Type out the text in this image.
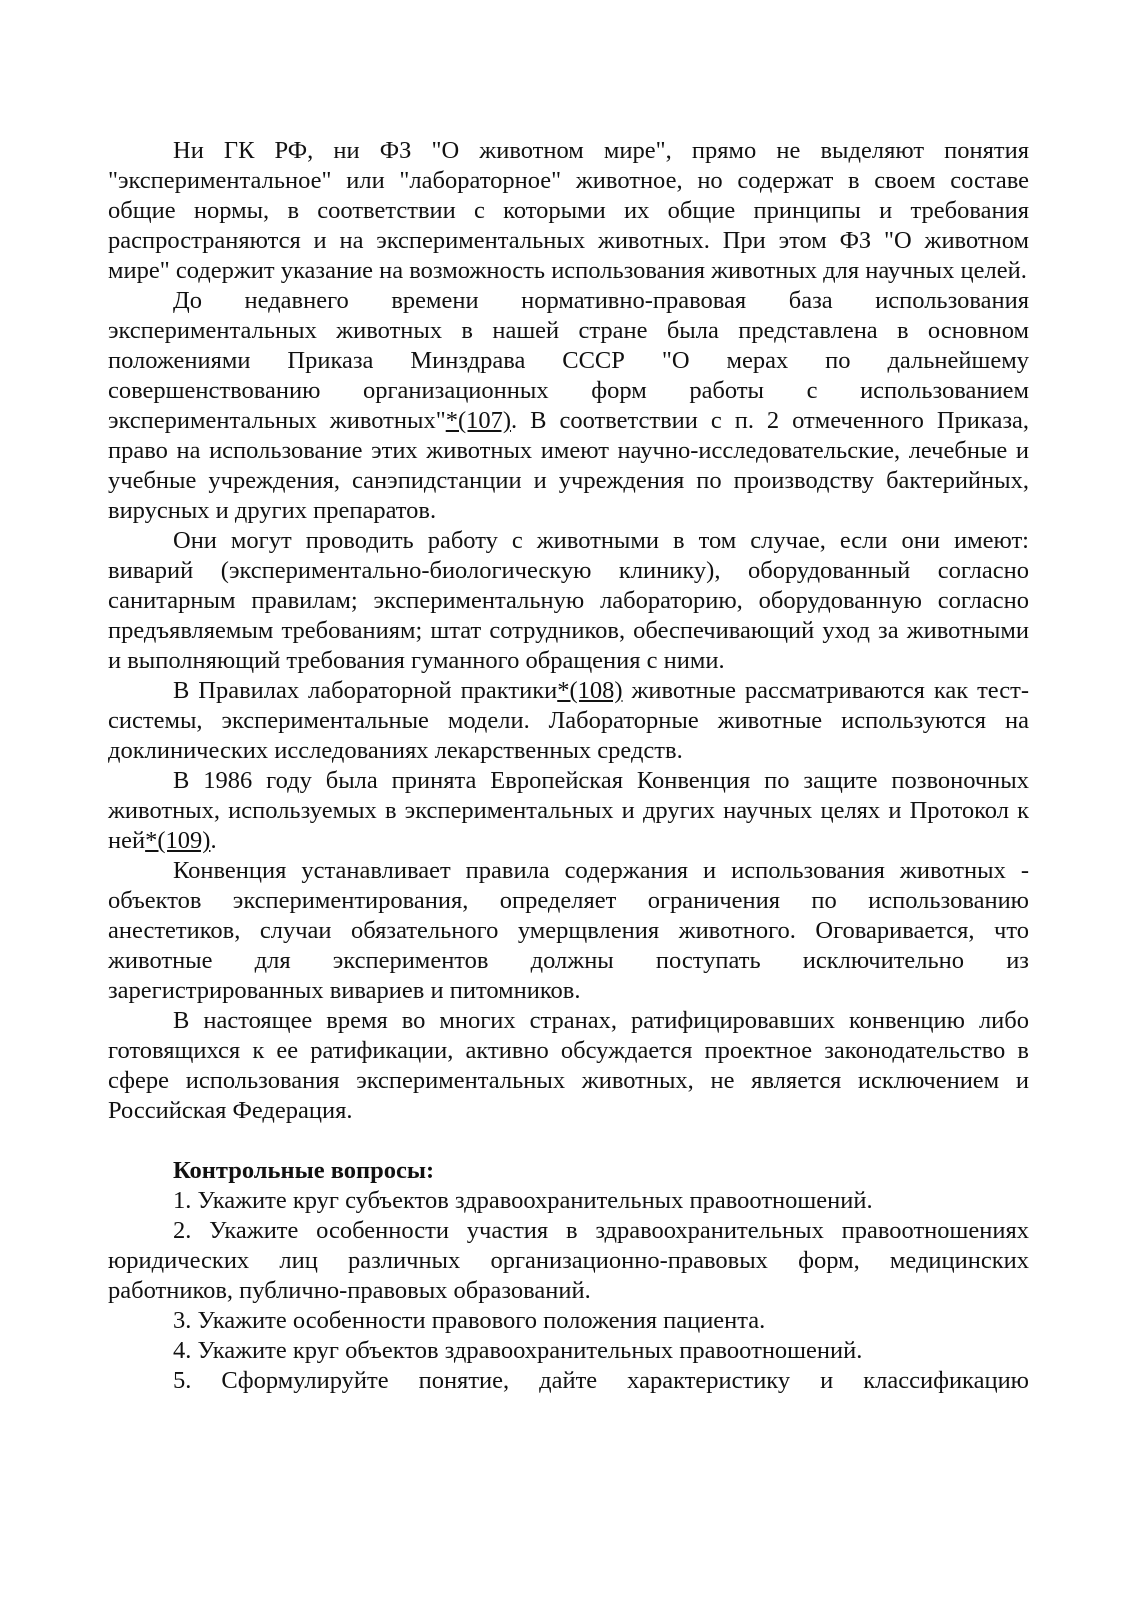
Ни ГК РФ, ни ФЗ "О животном мире", прямо не выделяют понятия "экспериментальное" или "лабораторное" животное, но содержат в своем составе общие нормы, в соответствии с которыми их общие принципы и требования распространяются и на экспериментальных животных. При этом ФЗ "О животном мире" содержит указание на возможность использования животных для научных целей.

До недавнего времени нормативно-правовая база использования экспериментальных животных в нашей стране была представлена в основном положениями Приказа Минздрава СССР "О мерах по дальнейшему совершенствованию организационных форм работы с использованием экспериментальных животных"*(107). В соответствии с п. 2 отмеченного Приказа, право на использование этих животных имеют научно-исследовательские, лечебные и учебные учреждения, санэпидстанции и учреждения по производству бактерийных, вирусных и других препаратов.

Они могут проводить работу с животными в том случае, если они имеют: виварий (экспериментально-биологическую клинику), оборудованный согласно санитарным правилам; экспериментальную лабораторию, оборудованную согласно предъявляемым требованиям; штат сотрудников, обеспечивающий уход за животными и выполняющий требования гуманного обращения с ними.

В Правилах лабораторной практики*(108) животные рассматриваются как тест-системы, экспериментальные модели. Лабораторные животные используются на доклинических исследованиях лекарственных средств.

В 1986 году была принята Европейская Конвенция по защите позвоночных животных, используемых в экспериментальных и других научных целях и Протокол к ней*(109).

Конвенция устанавливает правила содержания и использования животных - объектов экспериментирования, определяет ограничения по использованию анестетиков, случаи обязательного умерщвления животного. Оговаривается, что животные для экспериментов должны поступать исключительно из зарегистрированных вивариев и питомников.

В настоящее время во многих странах, ратифицировавших конвенцию либо готовящихся к ее ратификации, активно обсуждается проектное законодательство в сфере использования экспериментальных животных, не является исключением и Российская Федерация.

Контрольные вопросы:

1. Укажите круг субъектов здравоохранительных правоотношений.

2. Укажите особенности участия в здравоохранительных правоотношениях юридических лиц различных организационно-правовых форм, медицинских работников, публично-правовых образований.

3. Укажите особенности правового положения пациента.

4. Укажите круг объектов здравоохранительных правоотношений.

5. Сформулируйте понятие, дайте характеристику и классификацию
